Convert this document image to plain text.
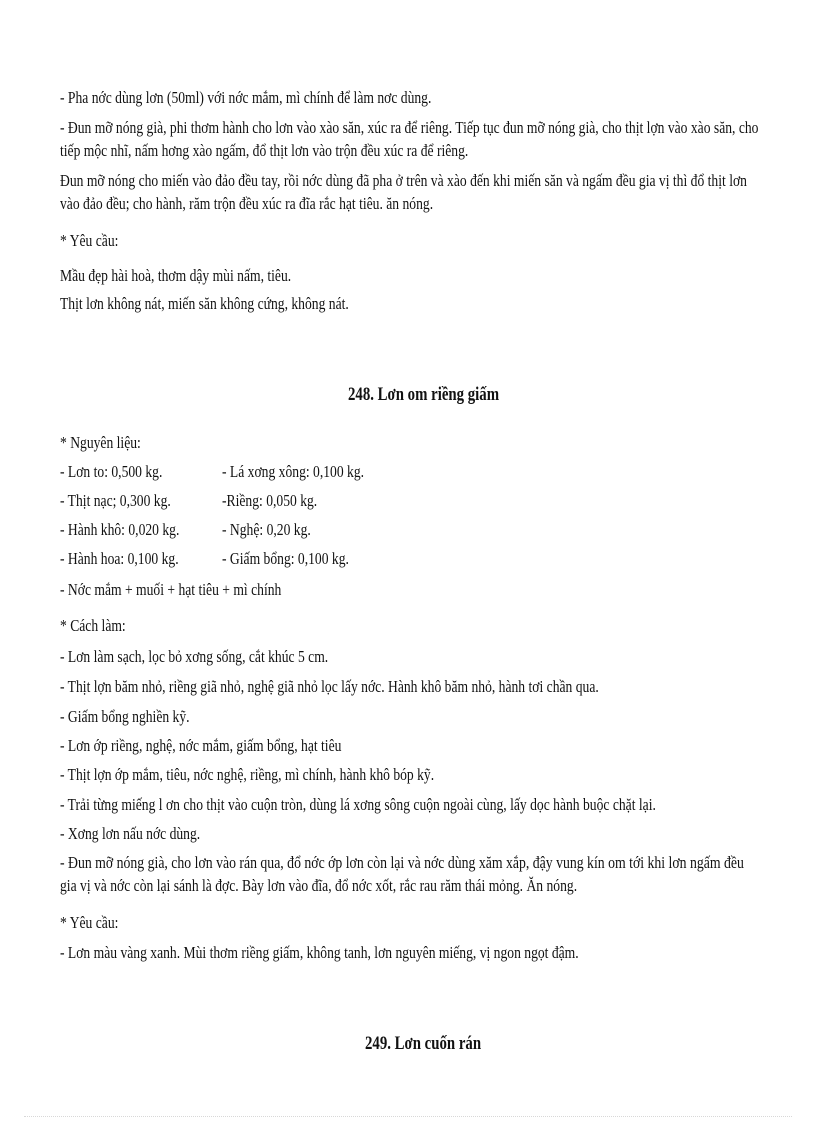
- Pha nớc dùng lơn (50ml) với nớc mắm, mì chính để làm nơc dùng.
- Đun mỡ nóng già, phi thơm hành cho lơn vào xào săn, xúc ra để riêng. Tiếp tục đun mỡ nóng già, cho thịt lợn vào xào săn, cho
tiếp mộc nhĩ, nấm hơng xào ngấm, đổ thịt lơn vào trộn đều xúc ra để riêng.
Đun mỡ nóng cho miến vào đảo đều tay, rồi nớc dùng đã pha ở trên và xào đến khi miến săn và ngấm đều gia vị thì đổ thịt lơn
vào đảo đều; cho hành, răm trộn đều xúc ra đĩa rắc hạt tiêu. ăn nóng.
* Yêu cầu:
Mầu đẹp hài hoà, thơm dậy mùi nấm, tiêu.
Thịt lơn không nát, miến săn không cứng, không nát.
248. Lơn om riềng giấm
* Nguyên liệu:
- Lơn to: 0,500 kg.	- Lá xơng xông: 0,100 kg.
- Thịt nạc; 0,300 kg.	-Riềng: 0,050 kg.
- Hành khô: 0,020 kg.	- Nghệ: 0,20 kg.
- Hành hoa: 0,100 kg.	- Giấm bổng: 0,100 kg.
- Nớc mắm + muối + hạt tiêu + mì chính
* Cách làm:
- Lơn làm sạch, lọc bỏ xơng sống, cắt khúc 5 cm.
- Thịt lợn băm nhỏ, riềng giã nhỏ, nghệ giã nhỏ lọc lấy nớc. Hành khô băm nhỏ, hành tơi chần qua.
- Giấm bổng nghiền kỹ.
- Lơn ớp riềng, nghệ, nớc mắm, giấm bổng, hạt tiêu
- Thịt lợn ớp mắm, tiêu, nớc nghệ, riềng, mì chính, hành khô bóp kỹ.
- Trải từng miếng l ơn cho thịt vào cuộn tròn, dùng lá xơng sông cuộn ngoài cùng, lấy dọc hành buộc chặt lại.
- Xơng lơn nấu nớc dùng.
- Đun mỡ nóng già, cho lơn vào rán qua, đổ nớc ớp lơn còn lại và nớc dùng xăm xắp, đậy vung kín om tới khi lơn ngấm đều
gia vị và nớc còn lại sánh là đợc. Bày lơn vào đĩa, đổ nớc xốt, rắc rau răm thái mỏng. Ăn nóng.
* Yêu cầu:
- Lơn màu vàng xanh. Mùi thơm riềng giấm, không tanh, lơn nguyên miếng, vị ngon ngọt đậm.
249. Lơn cuốn rán
